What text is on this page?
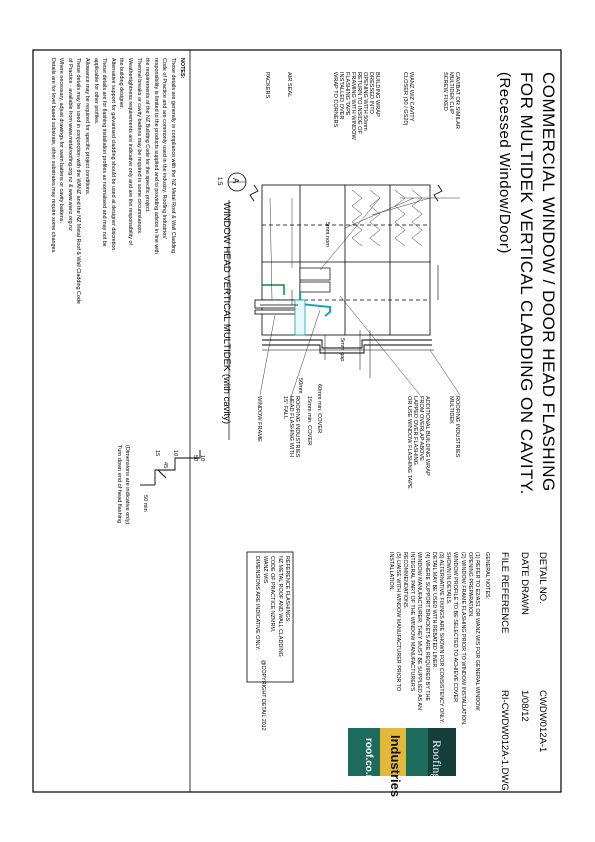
COMMERCIAL WINDOW / DOOR HEAD FLASHING
FOR MULTIDEK VERTICAL CLADDING ON CAVITY.
(Recessed Window/Door)
DETAIL NO.
CWDW012A-1
DATE DRAWN
1/08/12
FILE REFERENCE
RI-CWDW012A-1.DWG
GENERAL NOTES:
(1) REFER TO E2/AS1 OR WANZ WIS FOR GENERAL WINDOW
OPENING PREPARATION.
(2) WINDOW FRAME FLASHING PRIOR TO WINDOW INSTALLATION.
WINDOW PROFILE TO BE SELECTED TO ACHIEVE COVER
SHOWN IN DETAILS.
(3) ALTERNATIVE FIXINGS ARE SHOWN FOR CONSISTENCY ONLY.
DETAIL MAY BE USED WITH REBATED LINER.
(4) WHERE SUPPORT BRACKETS ARE REQUIRED BY THE
WINDOW MANUFACTURER, THEY MUST BE SUPPLIED AS AN
INTEGRAL PART OF THE WINDOW MANUFACTURER'S
RECOMMENDATIONS.
(5) LIAISE WITH WINDOW MANUFACTURER PRIOR TO
INSTALLATION.
REFERENCE FLASHINGS:
NZ METAL ROOF AND WALL CLADDING
CODE OF PRACTICE NZMRM,
WANZ WIS
DIMENSIONS ARE INDICATIVE ONLY.
@COPYRIGHT DETAIL 2012
Roofing
Industries
roof.co.nz
WINDOW HEAD VERTICAL MULTIDEK (with cavity)
A
1:5
CAVIBAT OR SIMILAR
MULTIDEK CLIP
SCREW FIXED
WANZ WIZ CAVITY
CLOSER (30 / GS20)
BUILDING WRAP
DRESSED INTO
OPENING WITH 50mm
RETURN TO INSIDE OF
FRAMING WITH WINDOW
FLASHING TAPE
INSTALLED OVER
WRAP TO CORNERS
AIR SEAL
PACKERS
ROOFING INDUSTRIES
MULTIDEK
ADDITIONAL BUILDING WRAP
FROM OVERLAP ABOVE
LAPPED OVER FLASHING
OR USE WINDOW FLASHING TAPE
15mm min. COVER
ROOFING INDUSTRIES
HEAD FLASHING WITH
15° FALL
WINDOW FRAME
5mm nom
5mm gap
50mm 60mm min. COVER
10
50
15 10
45
50 min
(Dimensions are indicative only)
Turn down end of head flashing
NOTES:
These details are generally in compliance with the NZ Metal Roof & Wall Cladding
Code of Practice and are commonly used in the industry. Roofing Industries'
responsibility is limited to the products supplied and to providing advice in line with
the requirements of the NZ Building Code for the specific project.
Thermal breaks or cavity battens may be required in some circumstances.
Weathertightness requirements are indicative only and are the responsibility of
the building designer.
Alternative support for galvanised cladding should be used at designer discretion.
These details are for flashing installation profiles as normalised and may not be
applicable for other profiles.
Allowance may be required for specific project conditions.
These details may be used in conjunction with the WANZ and the NZ Metal Roof & Wall Cladding Code
of Practice - available from www.metalroofing.org.nz & www.wanz.org.nz
Where necessary, adjust drawings for swim battens or cavity battens.
Details are for level based substrate, other substrates may require some changes.
